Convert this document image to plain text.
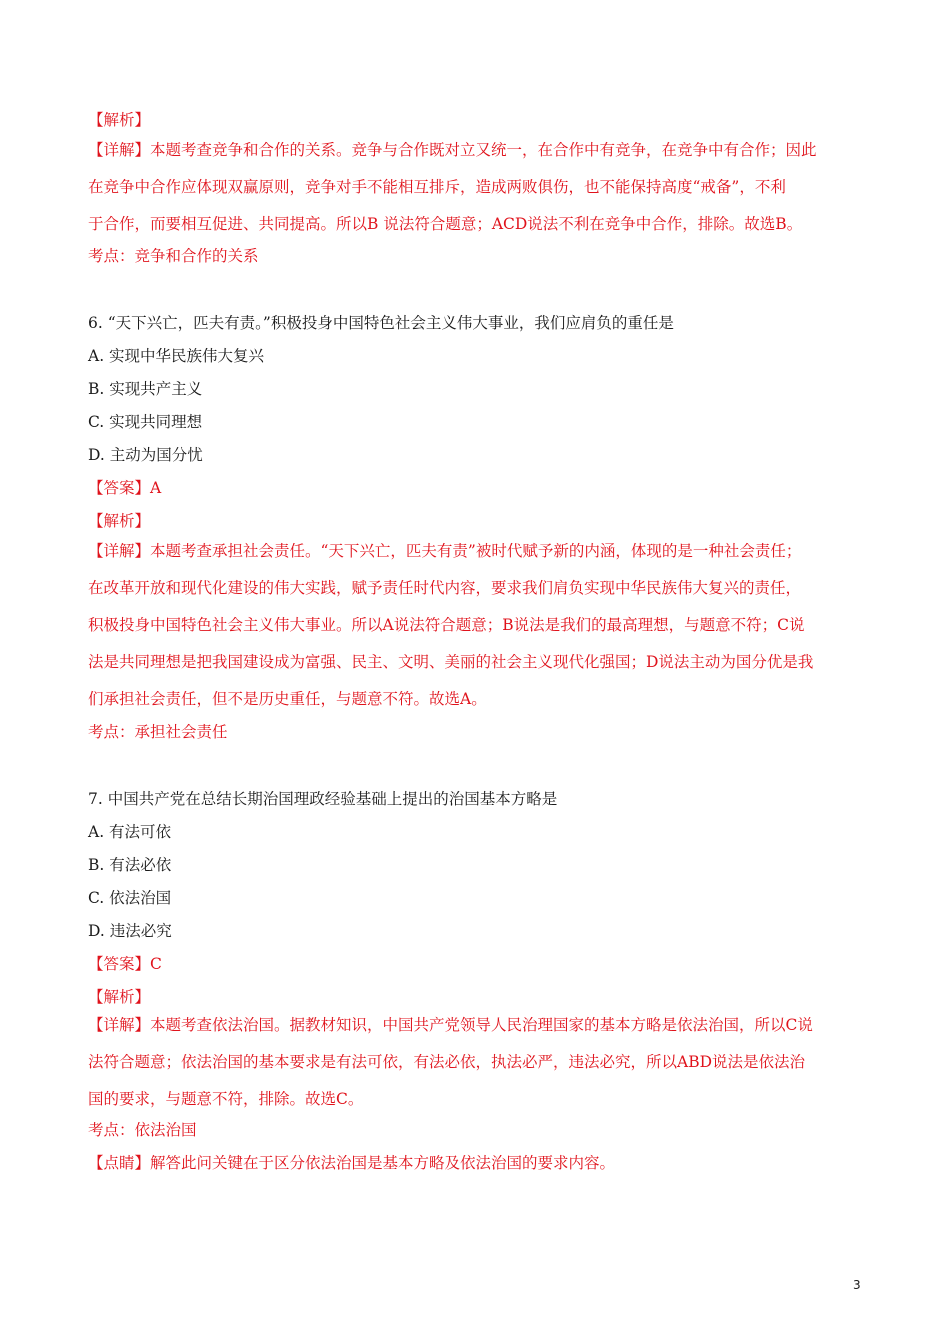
【解析】

【详解】本题考查竞争和合作的关系。竞争与合作既对立又统一，在合作中有竞争，在竞争中有合作；因此
在竞争中合作应体现双赢原则，竞争对手不能相互排斥，造成两败俱伤，也不能保持高度“戒备”，不利
于合作，而要相互促进、共同提高。所以B 说法符合题意；ACD说法不利在竞争中合作，排除。故选B。

考点：竞争和合作的关系

6. “天下兴亡，匹夫有责。”积极投身中国特色社会主义伟大事业，我们应肩负的重任是

A. 实现中华民族伟大复兴

B. 实现共产主义

C. 实现共同理想

D. 主动为国分忧

【答案】A

【解析】

【详解】本题考查承担社会责任。“天下兴亡，匹夫有责”被时代赋予新的内涵，体现的是一种社会责任；
在改革开放和现代化建设的伟大实践，赋予责任时代内容，要求我们肩负实现中华民族伟大复兴的责任，
积极投身中国特色社会主义伟大事业。所以A说法符合题意；B说法是我们的最高理想，与题意不符；C说
法是共同理想是把我国建设成为富强、民主、文明、美丽的社会主义现代化强国；D说法主动为国分优是我
们承担社会责任，但不是历史重任，与题意不符。故选A。

考点：承担社会责任

7. 中国共产党在总结长期治国理政经验基础上提出的治国基本方略是

A. 有法可依

B. 有法必依

C. 依法治国

D. 违法必究

【答案】C

【解析】

【详解】本题考查依法治国。据教材知识，中国共产党领导人民治理国家的基本方略是依法治国，所以C说
法符合题意；依法治国的基本要求是有法可依，有法必依，执法必严，违法必究，所以ABD说法是依法治
国的要求，与题意不符，排除。故选C。

考点：依法治国

【点睛】解答此问关键在于区分依法治国是基本方略及依法治国的要求内容。

3
